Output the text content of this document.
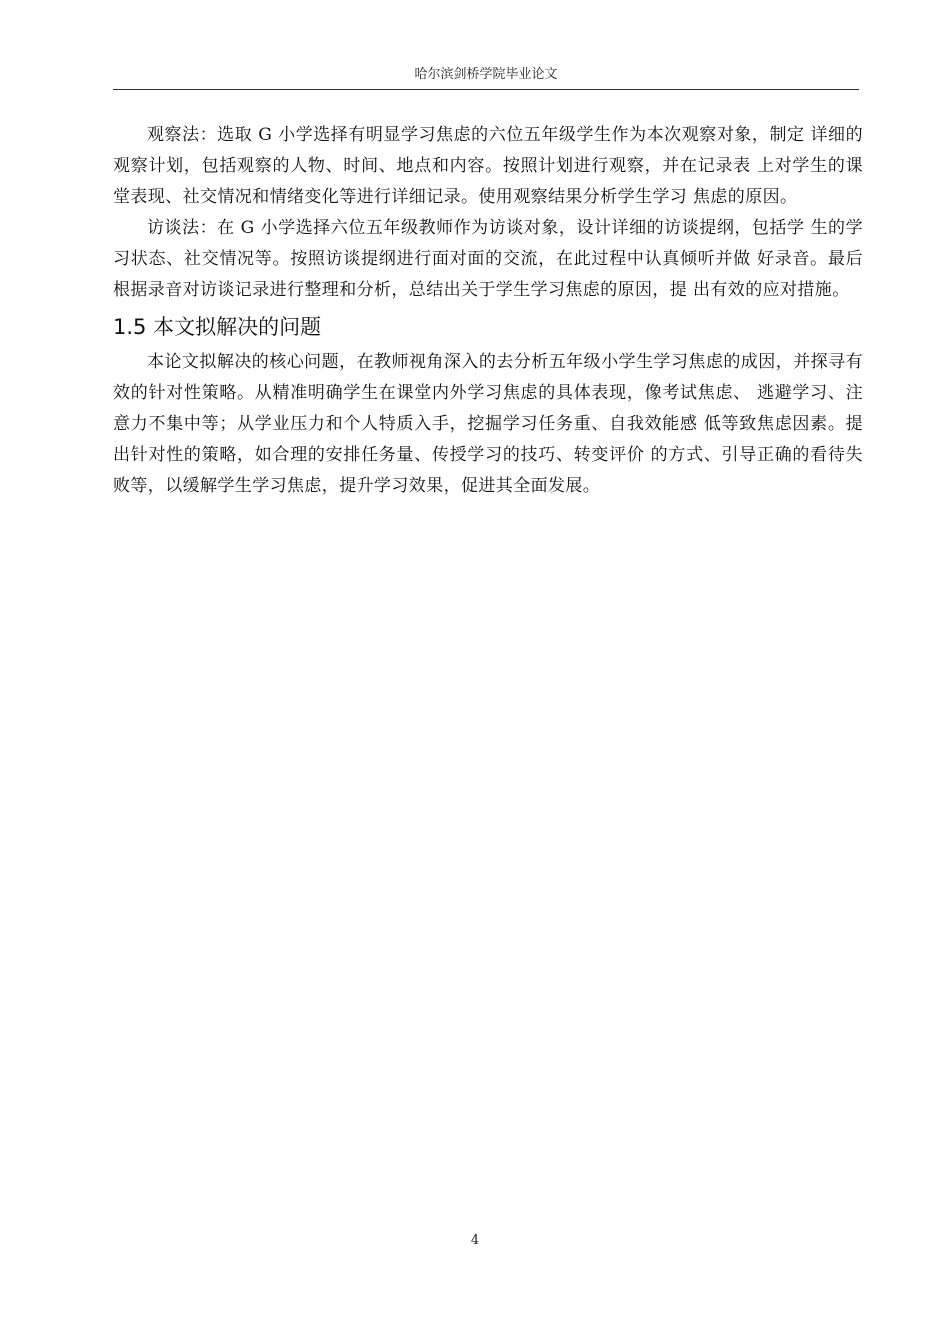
哈尔滨剑桥学院毕业论文

观察法：选取 G 小学选择有明显学习焦虑的六位五年级学生作为本次观察对象，制定 详细的观察计划，包括观察的人物、时间、地点和内容。按照计划进行观察，并在记录表 上对学生的课堂表现、社交情况和情绪变化等进行详细记录。使用观察结果分析学生学习 焦虑的原因。

访谈法：在 G 小学选择六位五年级教师作为访谈对象，设计详细的访谈提纲，包括学 生的学习状态、社交情况等。按照访谈提纲进行面对面的交流，在此过程中认真倾听并做 好录音。最后根据录音对访谈记录进行整理和分析，总结出关于学生学习焦虑的原因，提 出有效的应对措施。

1.5 本文拟解决的问题

本论文拟解决的核心问题，在教师视角深入的去分析五年级小学生学习焦虑的成因，并探寻有效的针对性策略。从精准明确学生在课堂内外学习焦虑的具体表现，像考试焦虑、 逃避学习、注意力不集中等；从学业压力和个人特质入手，挖掘学习任务重、自我效能感 低等致焦虑因素。提出针对性的策略，如合理的安排任务量、传授学习的技巧、转变评价 的方式、引导正确的看待失败等，以缓解学生学习焦虑，提升学习效果，促进其全面发展。

4
